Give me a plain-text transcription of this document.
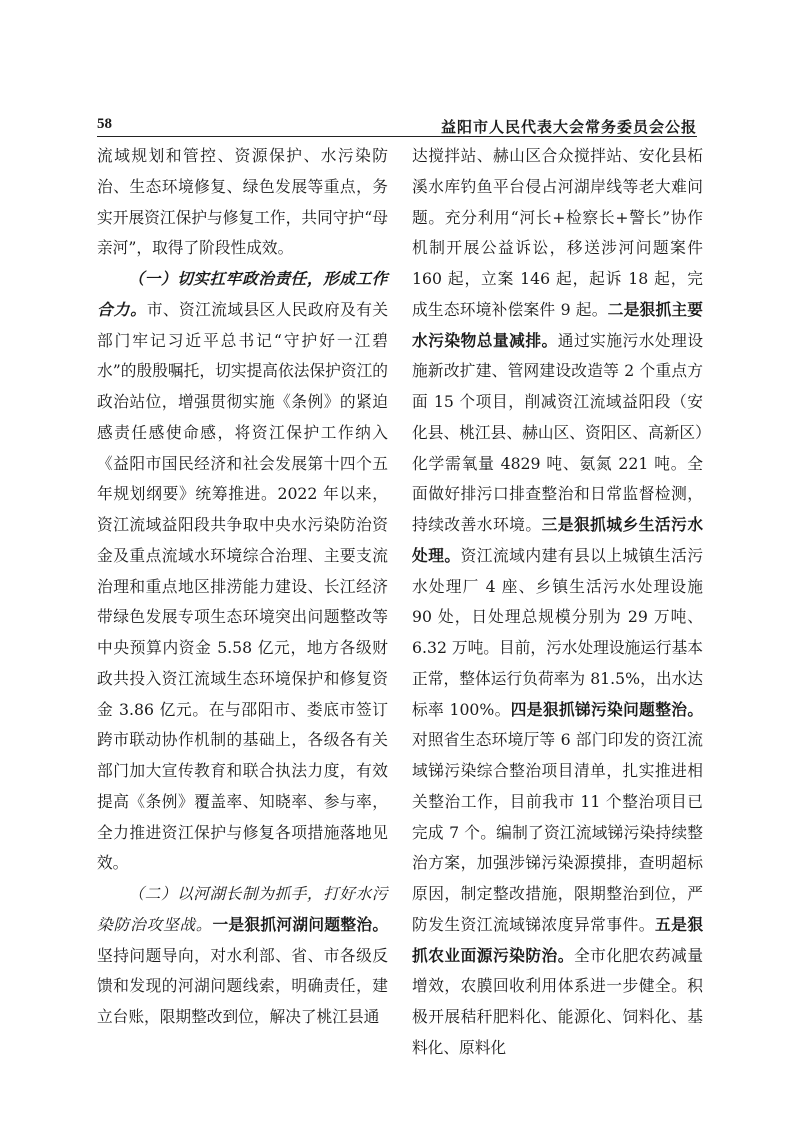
58	益阳市人民代表大会常务委员会公报

流域规划和管控、资源保护、水污染防治、生态环境修复、绿色发展等重点，务实开展资江保护与修复工作，共同守护“母亲河”，取得了阶段性成效。

（一）切实扛牢政治责任，形成工作合力。市、资江流域县区人民政府及有关部门牢记习近平总书记“守护好一江碧水”的殷殷嘱托，切实提高依法保护资江的政治站位，增强贯彻实施《条例》的紧迫感责任感使命感，将资江保护工作纳入《益阳市国民经济和社会发展第十四个五年规划纲要》统筹推进。2022 年以来，资江流域益阳段共争取中央水污染防治资金及重点流域水环境综合治理、主要支流治理和重点地区排涝能力建设、长江经济带绿色发展专项生态环境突出问题整改等中央预算内资金 5.58 亿元，地方各级财政共投入资江流域生态环境保护和修复资金 3.86 亿元。在与邵阳市、娄底市签订跨市联动协作机制的基础上，各级各有关部门加大宣传教育和联合执法力度，有效提高《条例》覆盖率、知晓率、参与率，全力推进资江保护与修复各项措施落地见效。

（二）以河湖长制为抓手，打好水污染防治攻坚战。一是狠抓河湖问题整治。坚持问题导向，对水利部、省、市各级反馈和发现的河湖问题线索，明确责任，建立台账，限期整改到位，解决了桃江县通

达搅拌站、赫山区合众搅拌站、安化县柘溪水库钓鱼平台侵占河湖岸线等老大难问题。充分利用“河长+检察长+警长”协作机制开展公益诉讼，移送涉河问题案件 160 起，立案 146 起，起诉 18 起，完成生态环境补偿案件 9 起。二是狠抓主要水污染物总量减排。通过实施污水处理设施新改扩建、管网建设改造等 2 个重点方面 15 个项目，削减资江流域益阳段（安化县、桃江县、赫山区、资阳区、高新区）化学需氧量 4829 吨、氨氮 221 吨。全面做好排污口排查整治和日常监督检测，持续改善水环境。三是狠抓城乡生活污水处理。资江流域内建有县以上城镇生活污水处理厂 4 座、乡镇生活污水处理设施 90 处，日处理总规模分别为 29 万吨、6.32 万吨。目前，污水处理设施运行基本正常，整体运行负荷率为 81.5%，出水达标率 100%。四是狠抓锑污染问题整治。对照省生态环境厅等 6 部门印发的资江流域锑污染综合整治项目清单，扎实推进相关整治工作，目前我市 11 个整治项目已完成 7 个。编制了资江流域锑污染持续整治方案，加强涉锑污染源摸排，查明超标原因，制定整改措施，限期整治到位，严防发生资江流域锑浓度异常事件。五是狠抓农业面源污染防治。全市化肥农药减量增效，农膜回收利用体系进一步健全。积极开展秸秆肥料化、能源化、饲料化、基料化、原料化
